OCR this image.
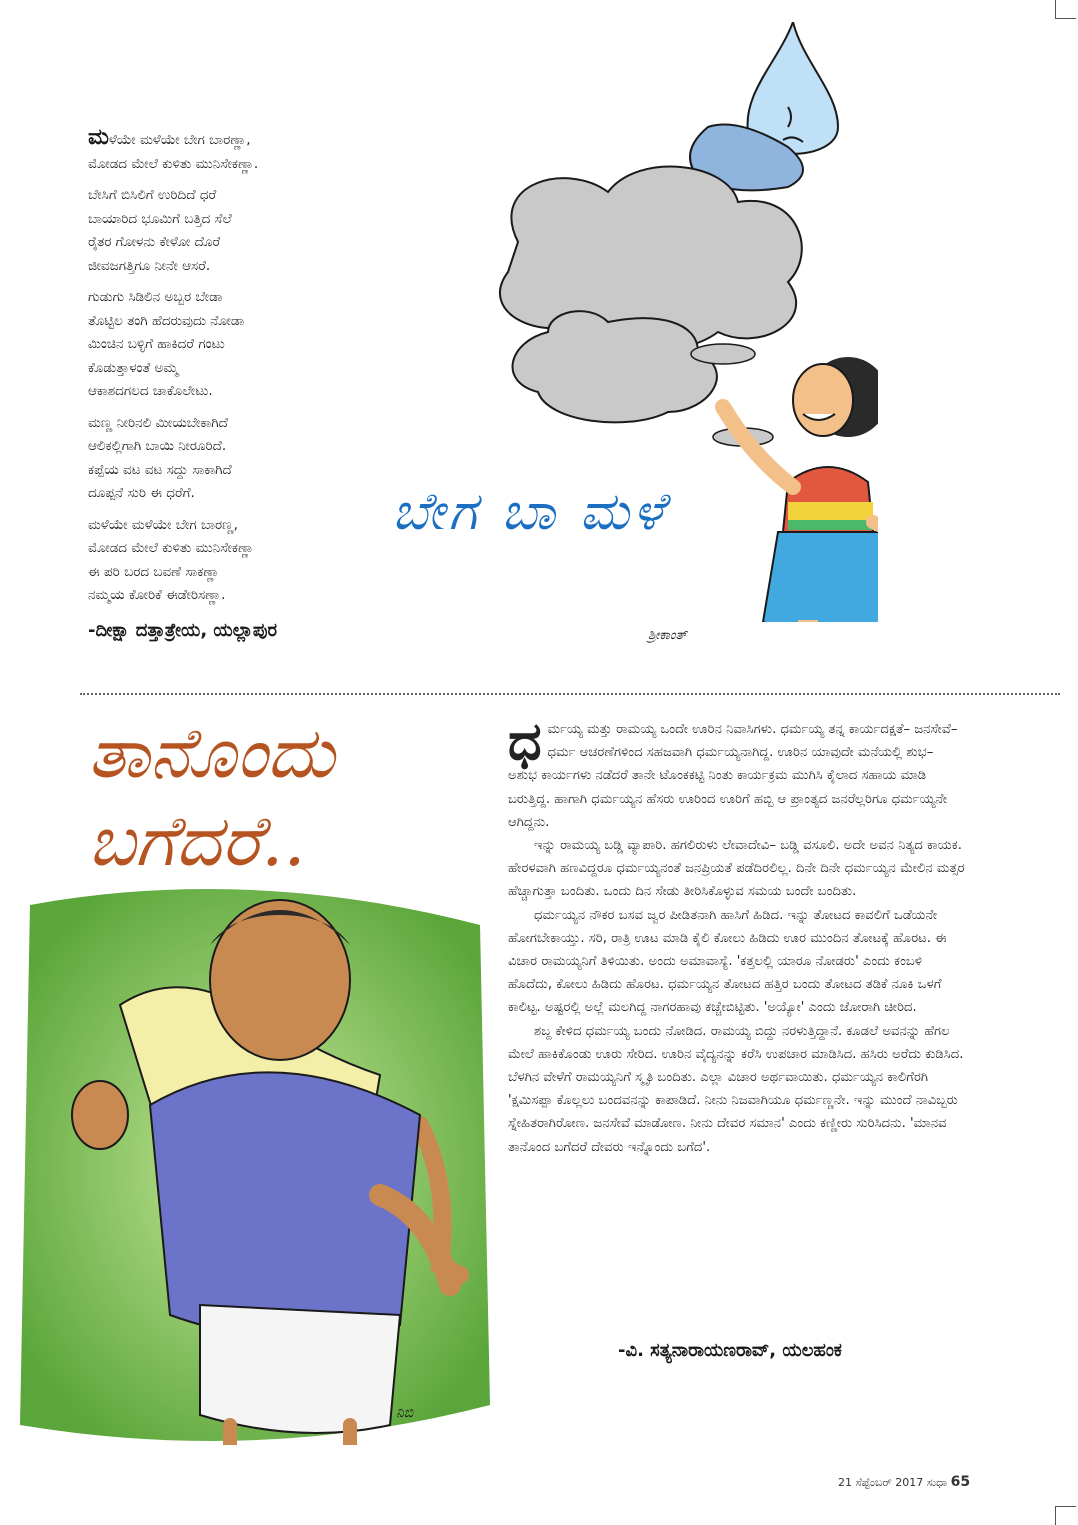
ಮಳೆಯೇ ಮಳೆಯೇ ಬೇಗ ಬಾರಣ್ಣಾ,
ಮೋಡದ ಮೇಲೆ ಕುಳಿತು ಮುನಿಸೇಕಣ್ಣಾ.
ಬೇಸಿಗೆ ಬಿಸಿಲಿಗೆ ಉರಿದಿದೆ ಧರೆ
ಬಾಯಾರಿದ ಭೂಮಿಗೆ ಬತ್ತಿದ ಸೆಲೆ
ರೈತರ ಗೋಳನು ಕೇಳೋ ದೊರೆ
ಜೀವಜಗತ್ತಿಗೂ ನೀನೇ ಆಸರೆ.
ಗುಡುಗು ಸಿಡಿಲಿನ ಅಬ್ಬರ ಬೇಡಾ
ತೊಟ್ಟಿಲ ತಂಗಿ ಹೆದರುವುದು ನೋಡಾ
ಮಿಂಚಿನ ಬಳ್ಳಿಗೆ ಹಾಕಿದರೆ ಗಂಟು
ಕೊಡುತ್ತಾಳಂತೆ ಅಮ್ಮ
ಆಕಾಶದಗಲದ ಚಾಕೊಲೇಟು.
ಮಣ್ಣ ನೀರಿನಲಿ ಮೀಯಬೇಕಾಗಿದೆ
ಆಲಿಕಲ್ಲಿಗಾಗಿ ಬಾಯಿ ನೀರೂರಿದೆ.
ಕಪ್ಪೆಯ ವಟ ವಟ ಸದ್ದು ಸಾಕಾಗಿದೆ
ದೂಪ್ಪನೆ ಸುರಿ ಈ ಧರೆಗೆ.
ಮಳೆಯೇ ಮಳೆಯೇ ಬೇಗ ಬಾರಣ್ಣ,
ಮೋಡದ ಮೇಲೆ ಕುಳಿತು ಮುನಿಸೇಕಣ್ಣಾ
ಈ ಪರಿ ಬರದ ಬವಣೆ ಸಾಕಣ್ಣಾ
ನಮ್ಮಯ ಕೋರಿಕೆ ಈಡೇರಿಸಣ್ಣಾ.
-ದೀಕ್ಷಾ ದತ್ತಾತ್ರೇಯ, ಯಲ್ಲಾಪುರ
ಬೇಗ ಬಾ ಮಳೆ
ಶ್ರೀಕಾಂತ್
ತಾನೊಂದು
ಬಗೆದರೆ..

ಧರ್ಮಯ್ಯ ಮತ್ತು ರಾಮಯ್ಯ ಒಂದೇ ಊರಿನ ನಿವಾಸಿಗಳು. ಧರ್ಮಯ್ಯ ತನ್ನ ಕಾರ್ಯದಕ್ಷತೆ– ಜನಸೇವೆ– ಧರ್ಮ ಆಚರಣೆಗಳಿಂದ ಸಹಜವಾಗಿ ಧರ್ಮಯ್ಯನಾಗಿದ್ದ. ಊರಿನ ಯಾವುದೇ ಮನೆಯಲ್ಲಿ ಶುಭ– ಅಶುಭ ಕಾರ್ಯಗಳು ನಡೆದರೆ ತಾನೇ ಟೊಂಕಕಟ್ಟಿ ನಿಂತು ಕಾರ್ಯಕ್ರಮ ಮುಗಿಸಿ ಕೈಲಾದ ಸಹಾಯ ಮಾಡಿ ಬರುತ್ತಿದ್ದ. ಹಾಗಾಗಿ ಧರ್ಮಯ್ಯನ ಹೆಸರು ಊರಿಂದ ಊರಿಗೆ ಹಬ್ಬಿ ಆ ಪ್ರಾಂತ್ಯದ ಜನರೆಲ್ಲರಿಗೂ ಧರ್ಮಯ್ಯನೇ ಆಗಿದ್ದನು.

ಇನ್ನು ರಾಮಯ್ಯ ಬಡ್ಡಿ ವ್ಯಾಪಾರಿ. ಹಗಲಿರುಳು ಲೇವಾದೇವಿ– ಬಡ್ಡಿ ವಸೂಲಿ. ಅದೇ ಅವನ ನಿತ್ಯದ ಕಾಯಕ. ಹೇರಳವಾಗಿ ಹಣವಿದ್ದರೂ ಧರ್ಮಯ್ಯನಂತೆ ಜನಪ್ರಿಯತೆ ಪಡೆದಿರಲಿಲ್ಲ. ದಿನೇ ದಿನೇ ಧರ್ಮಯ್ಯನ ಮೇಲಿನ ಮತ್ಸರ ಹೆಚ್ಚಾಗುತ್ತಾ ಬಂದಿತು. ಒಂದು ದಿನ ಸೇಡು ತೀರಿಸಿಕೊಳ್ಳುವ ಸಮಯ ಬಂದೇ ಬಂದಿತು.

ಧರ್ಮಯ್ಯನ ನೌಕರ ಬಸವ ಜ್ವರ ಪೀಡಿತನಾಗಿ ಹಾಸಿಗೆ ಹಿಡಿದ. ಇನ್ನು ತೋಟದ ಕಾವಲಿಗೆ ಒಡೆಯನೇ ಹೋಗಬೇಕಾಯ್ತು. ಸರಿ, ರಾತ್ರಿ ಊಟ ಮಾಡಿ ಕೈಲಿ ಕೋಲು ಹಿಡಿದು ಊರ ಮುಂದಿನ ತೋಟಕ್ಕೆ ಹೊರಟ. ಈ ವಿಚಾರ ರಾಮಯ್ಯನಿಗೆ ತಿಳಿಯಿತು. ಅಂದು ಅಮಾವಾಸ್ಯೆ. 'ಕತ್ತಲಲ್ಲಿ ಯಾರೂ ನೋಡರು' ಎಂದು ಕಂಬಳಿ ಹೊದೆದು, ಕೋಲು ಹಿಡಿದು ಹೊರಟ. ಧರ್ಮಯ್ಯನ ತೋಟದ ಹತ್ತಿರ ಬಂದು ತೋಟದ ತಡಿಕೆ ನೂಕಿ ಒಳಗೆ ಕಾಲಿಟ್ಟ. ಅಷ್ಟರಲ್ಲಿ ಅಲ್ಲೆ ಮಲಗಿದ್ದ ನಾಗರಹಾವು ಕಚ್ಚೇಬಿಟ್ಟಿತು. 'ಅಯ್ಯೋ' ಎಂದು ಜೋರಾಗಿ ಚೀರಿದ.

ಶಬ್ದ ಕೇಳಿದ ಧರ್ಮಯ್ಯ ಬಂದು ನೋಡಿದ. ರಾಮಯ್ಯ ಬಿದ್ದು ನರಳುತ್ತಿದ್ದಾನೆ. ಕೂಡಲೆ ಅವನನ್ನು ಹೆಗಲ ಮೇಲೆ ಹಾಕಿಕೊಂಡು ಊರು ಸೇರಿದ. ಊರಿನ ವೈದ್ಯನನ್ನು ಕರೆಸಿ ಉಪಚಾರ ಮಾಡಿಸಿದ. ಹಸಿರು ಅರೆದು ಕುಡಿಸಿದ. ಬೆಳಗಿನ ವೇಳೆಗೆ ರಾಮಯ್ಯನಿಗೆ ಸ್ಮೃತಿ ಬಂದಿತು. ಎಲ್ಲಾ ವಿಚಾರ ಅರ್ಥವಾಯಿತು. ಧರ್ಮಯ್ಯನ ಕಾಲಿಗೆರಗಿ 'ಕ್ಷಮಿಸಪ್ಪಾ ಕೊಲ್ಲಲು ಬಂದವನನ್ನು ಕಾಪಾಡಿದೆ. ನೀನು ನಿಜವಾಗಿಯೂ ಧರ್ಮಣ್ಣನೇ. ಇನ್ನು ಮುಂದೆ ನಾವಿಬ್ಬರು ಸ್ನೇಹಿತರಾಗಿರೋಣ. ಜನಸೇವೆ ಮಾಡೋಣ. ನೀನು ದೇವರ ಸಮಾನ' ಎಂದು ಕಣ್ಣೀರು ಸುರಿಸಿದನು. 'ಮಾನವ ತಾನೊಂದ ಬಗೆದರೆ ದೇವರು ಇನ್ನೊಂದು ಬಗೆದ'.

-ವಿ. ಸತ್ಯನಾರಾಯಣರಾವ್, ಯಲಹಂಕ
ನಿಬಿ
21 ಸೆಪ್ಟೆಂಬರ್ 2017 ಸುಧಾ 65
